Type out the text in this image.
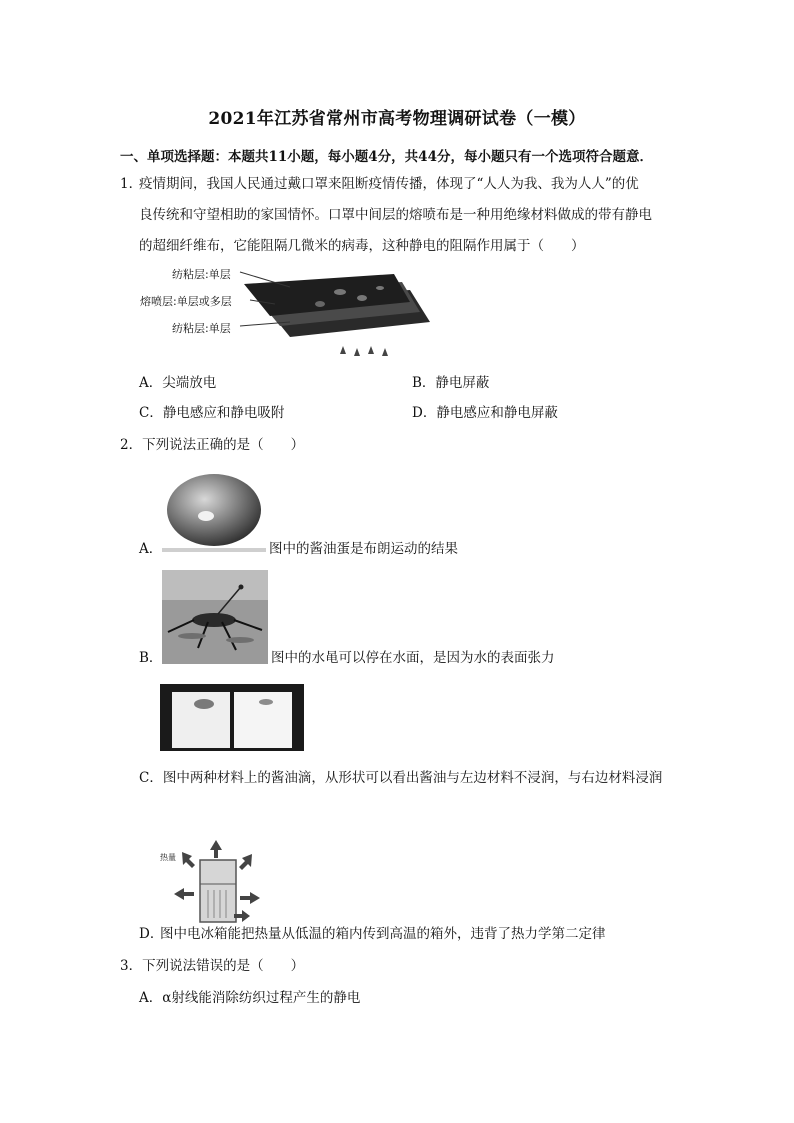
2021年江苏省常州市高考物理调研试卷（一模）
一、单项选择题：本题共11小题，每小题4分，共44分，每小题只有一个选项符合题意．
1．
疫情期间，我国人民通过戴口罩来阻断疫情传播，体现了“人人为我、我为人人”的优
良传统和守望相助的家国情怀。口罩中间层的熔喷布是一种用绝缘材料做成的带有静电
的超细纤维布，它能阻隔几微米的病毒，这种静电的阻隔作用属于（　　）
纺粘层:单层
熔喷层:单层或多层
纺粘层:单层
A．尖端放电	B．静电屏蔽
C．静电感应和静电吸附	D．静电感应和静电屏蔽
2．下列说法正确的是（　　）
A．	图中的酱油蛋是布朗运动的结果
B．	图中的水黾可以停在水面，是因为水的表面张力
C．图中两种材料上的酱油滴，从形状可以看出酱油与左边材料不浸润，与右边材料浸润
热量
D．
图中电冰箱能把热量从低温的箱内传到高温的箱外，违背了热力学第二定律
3．下列说法错误的是（　　）
A．α射线能消除纺织过程产生的静电
